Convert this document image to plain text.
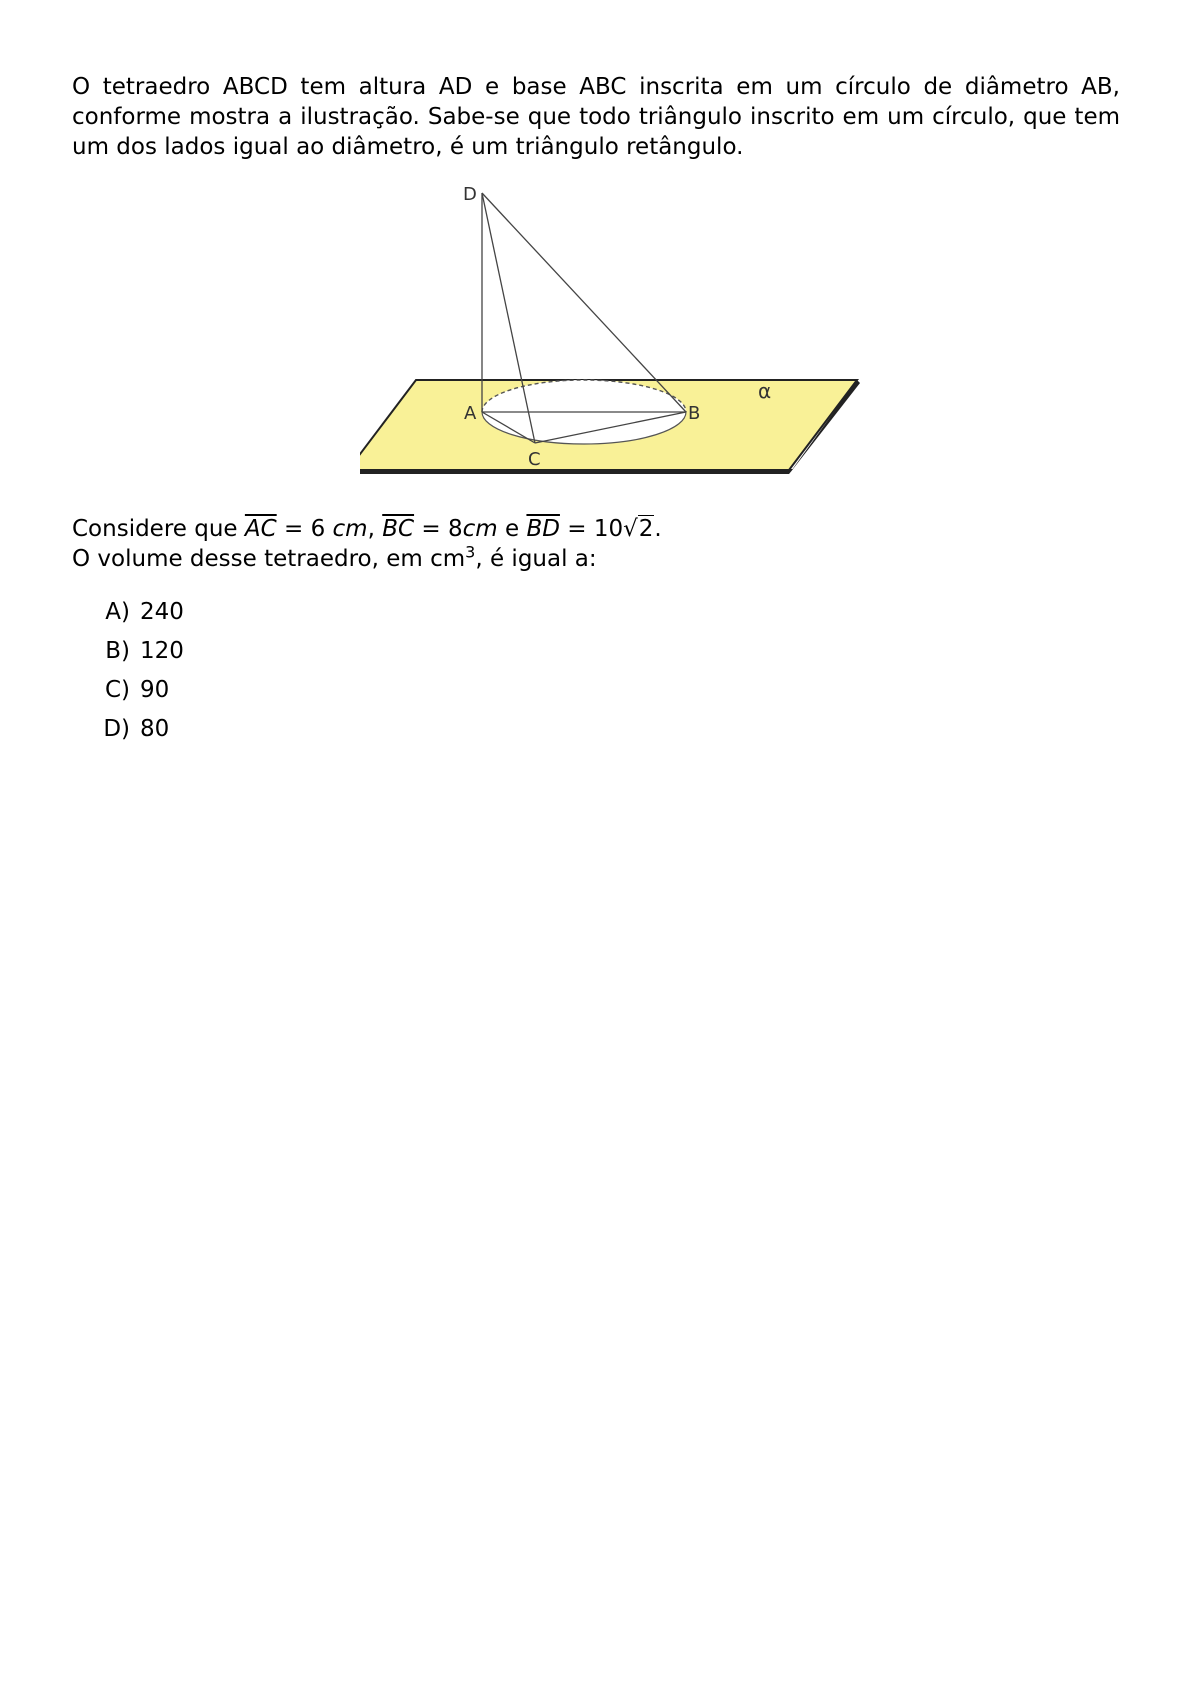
O tetraedro ABCD tem altura AD e base ABC inscrita em um círculo de diâmetro AB, conforme mostra a ilustração. Sabe-se que todo triângulo inscrito em um círculo, que tem um dos lados igual ao diâmetro, é um triângulo retângulo.
D
A	B
C
α
Considere que $\overline{AC} = 6$ cm, $\overline{BC} = 8cm$ e $\overline{BD} = 10√2$.
O volume desse tetraedro, em $cm^3$, é igual a:
A) 240
B) 120
C) 90
D) 80
